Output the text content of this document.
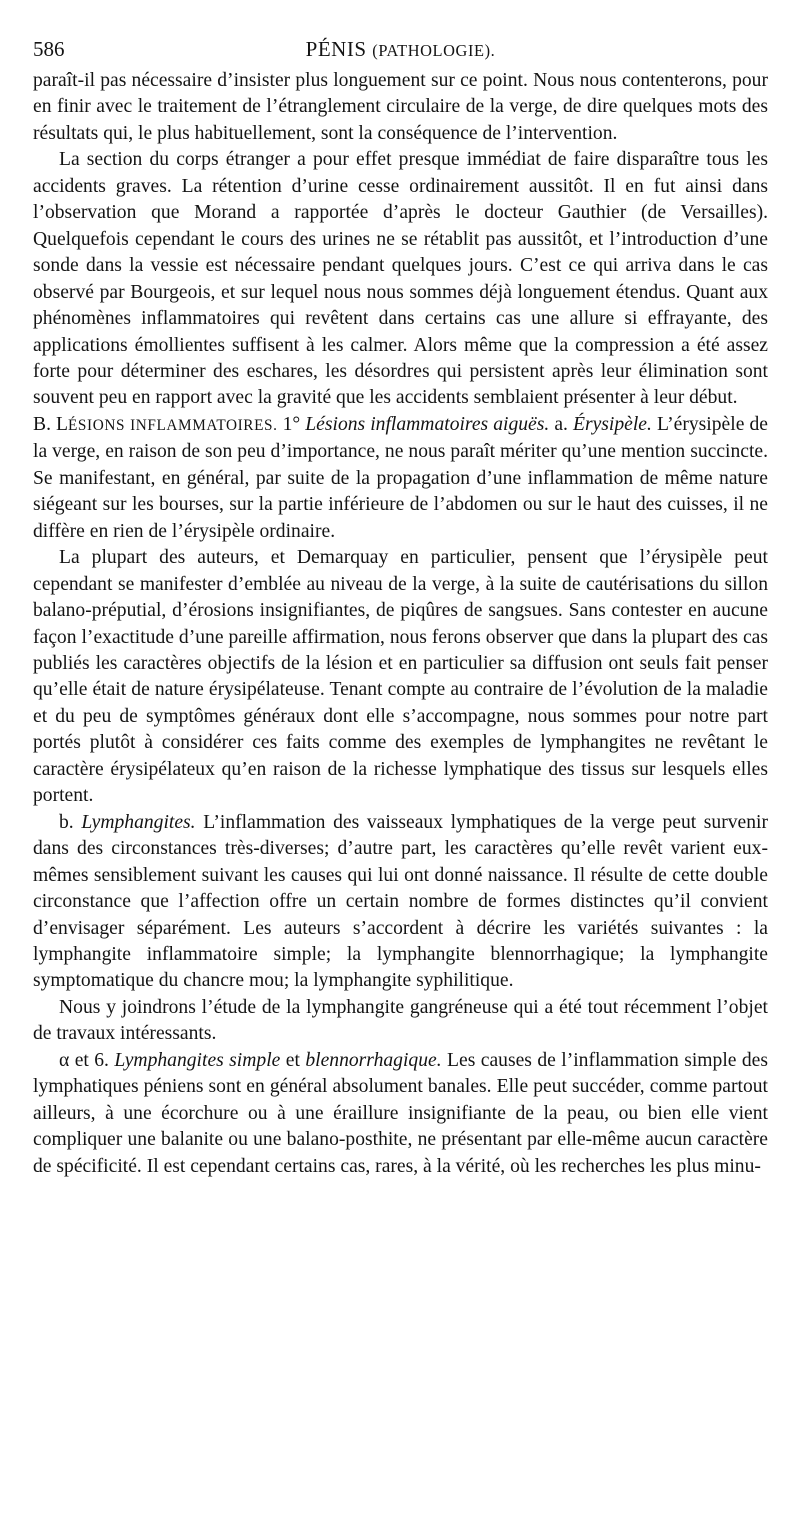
586	PÉNIS (PATHOLOGIE).

paraît-il pas nécessaire d’insister plus longuement sur ce point. Nous nous contenterons, pour en finir avec le traitement de l’étranglement circulaire de la verge, de dire quelques mots des résultats qui, le plus habituellement, sont la conséquence de l’intervention.

La section du corps étranger a pour effet presque immédiat de faire disparaître tous les accidents graves. La rétention d’urine cesse ordinairement aussitôt. Il en fut ainsi dans l’observation que Morand a rapportée d’après le docteur Gauthier (de Versailles). Quelquefois cependant le cours des urines ne se rétablit pas aussitôt, et l’introduction d’une sonde dans la vessie est nécessaire pendant quelques jours. C’est ce qui arriva dans le cas observé par Bourgeois, et sur lequel nous nous sommes déjà longuement étendus. Quant aux phénomènes inflammatoires qui revêtent dans certains cas une allure si effrayante, des applications émollientes suffisent à les calmer. Alors même que la compression a été assez forte pour déterminer des eschares, les désordres qui persistent après leur élimination sont souvent peu en rapport avec la gravité que les accidents semblaient présenter à leur début.

B. LÉSIONS INFLAMMATOIRES. 1° Lésions inflammatoires aiguës. a. Érysipèle. L’érysipèle de la verge, en raison de son peu d’importance, ne nous paraît mériter qu’une mention succincte. Se manifestant, en général, par suite de la propagation d’une inflammation de même nature siégeant sur les bourses, sur la partie inférieure de l’abdomen ou sur le haut des cuisses, il ne diffère en rien de l’érysipèle ordinaire.

La plupart des auteurs, et Demarquay en particulier, pensent que l’érysipèle peut cependant se manifester d’emblée au niveau de la verge, à la suite de cautérisations du sillon balano-préputial, d’érosions insignifiantes, de piqûres de sangsues. Sans contester en aucune façon l’exactitude d’une pareille affirmation, nous ferons observer que dans la plupart des cas publiés les caractères objectifs de la lésion et en particulier sa diffusion ont seuls fait penser qu’elle était de nature érysipélateuse. Tenant compte au contraire de l’évolution de la maladie et du peu de symptômes généraux dont elle s’accompagne, nous sommes pour notre part portés plutôt à considérer ces faits comme des exemples de lymphangites ne revêtant le caractère érysipélateux qu’en raison de la richesse lymphatique des tissus sur lesquels elles portent.

b. Lymphangites. L’inflammation des vaisseaux lymphatiques de la verge peut survenir dans des circonstances très-diverses; d’autre part, les caractères qu’elle revêt varient eux-mêmes sensiblement suivant les causes qui lui ont donné naissance. Il résulte de cette double circonstance que l’affection offre un certain nombre de formes distinctes qu’il convient d’envisager séparément. Les auteurs s’accordent à décrire les variétés suivantes : la lymphangite inflammatoire simple; la lymphangite blennorrhagique; la lymphangite symptomatique du chancre mou; la lymphangite syphilitique.

Nous y joindrons l’étude de la lymphangite gangréneuse qui a été tout récemment l’objet de travaux intéressants.

α et 6. Lymphangites simple et blennorrhagique. Les causes de l’inflammation simple des lymphatiques péniens sont en général absolument banales. Elle peut succéder, comme partout ailleurs, à une écorchure ou à une éraillure insignifiante de la peau, ou bien elle vient compliquer une balanite ou une balano-posthite, ne présentant par elle-même aucun caractère de spécificité. Il est cependant certains cas, rares, à la vérité, où les recherches les plus minu-
